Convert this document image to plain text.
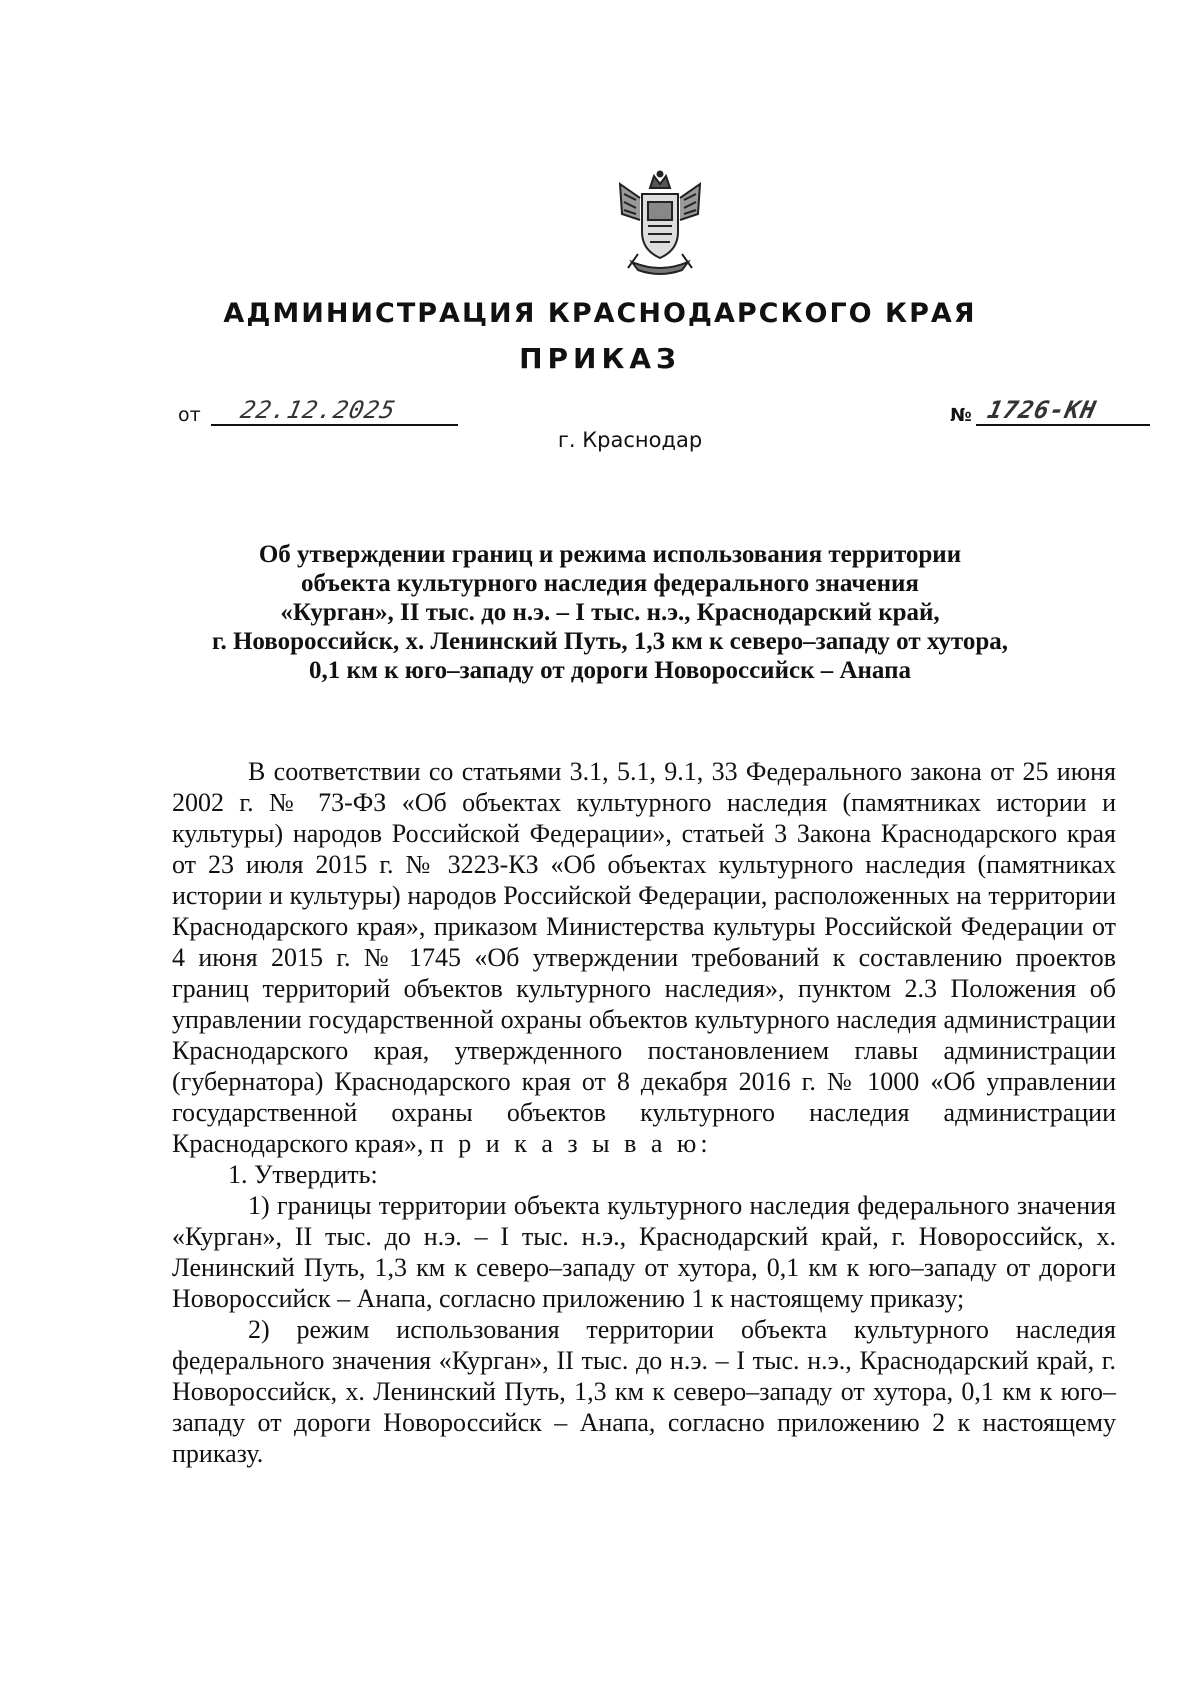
АДМИНИСТРАЦИЯ КРАСНОДАРСКОГО КРАЯ
ПРИКАЗ
от 22.12.2025	№ 1726-КН
г. Краснодар
Об утверждении границ и режима использования территории
объекта культурного наследия федерального значения
«Курган», II тыс. до н.э. – I тыс. н.э., Краснодарский край,
г. Новороссийск, х. Ленинский Путь, 1,3 км к северо–западу от хутора,
0,1 км к юго–западу от дороги Новороссийск – Анапа

В соответствии со статьями 3.1, 5.1, 9.1, 33 Федерального закона от 25 июня 2002 г. № 73-ФЗ «Об объектах культурного наследия (памятниках истории и культуры) народов Российской Федерации», статьей 3 Закона Краснодарского края от 23 июля 2015 г. № 3223-КЗ «Об объектах культурного наследия (памятниках истории и культуры) народов Российской Федерации, расположенных на территории Краснодарского края», приказом Министерства культуры Российской Федерации от 4 июня 2015 г. № 1745 «Об утверждении требований к составлению проектов границ территорий объектов культурного наследия», пунктом 2.3 Положения об управлении государственной охраны объектов культурного наследия администрации Краснодарского края, утвержденного постановлением главы администрации (губернатора) Краснодарского края от 8 декабря 2016 г. № 1000 «Об управлении государственной охраны объектов культурного наследия администрации Краснодарского края», п р и к а з ы в а ю:

1. Утвердить:

1) границы территории объекта культурного наследия федерального значения «Курган», II тыс. до н.э. – I тыс. н.э., Краснодарский край, г. Новороссийск, х. Ленинский Путь, 1,3 км к северо–западу от хутора, 0,1 км к юго–западу от дороги Новороссийск – Анапа, согласно приложению 1 к настоящему приказу;

2) режим использования территории объекта культурного наследия федерального значения «Курган», II тыс. до н.э. – I тыс. н.э., Краснодарский край, г. Новороссийск, х. Ленинский Путь, 1,3 км к северо–западу от хутора, 0,1 км к юго–западу от дороги Новороссийск – Анапа, согласно приложению 2 к настоящему приказу.
